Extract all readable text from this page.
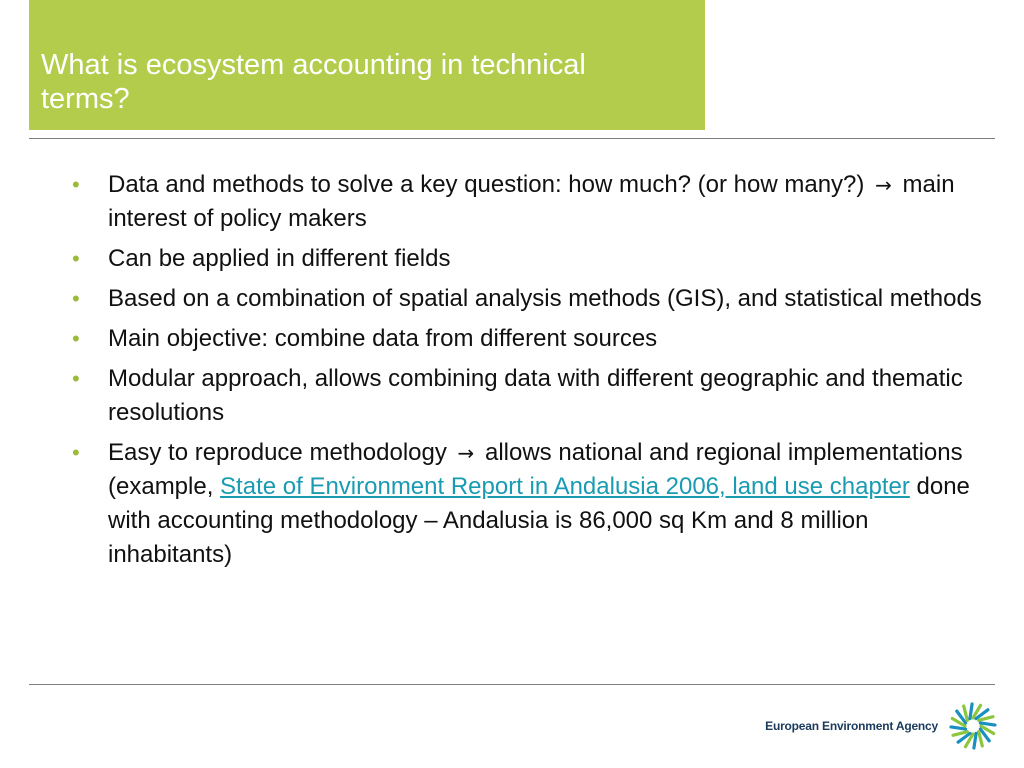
What is ecosystem accounting in technical
terms?
• Data and methods to solve a key question: how much? (or how many?) → main interest of policy makers
• Can be applied in different fields
• Based on a combination of spatial analysis methods (GIS), and statistical methods
• Main objective: combine data from different sources
• Modular approach, allows combining data with different geographic and thematic resolutions
• Easy to reproduce methodology → allows national and regional implementations (example, State of Environment Report in Andalusia 2006, land use chapter done with accounting methodology – Andalusia is 86,000 sq Km and 8 million inhabitants)
European Environment Agency
